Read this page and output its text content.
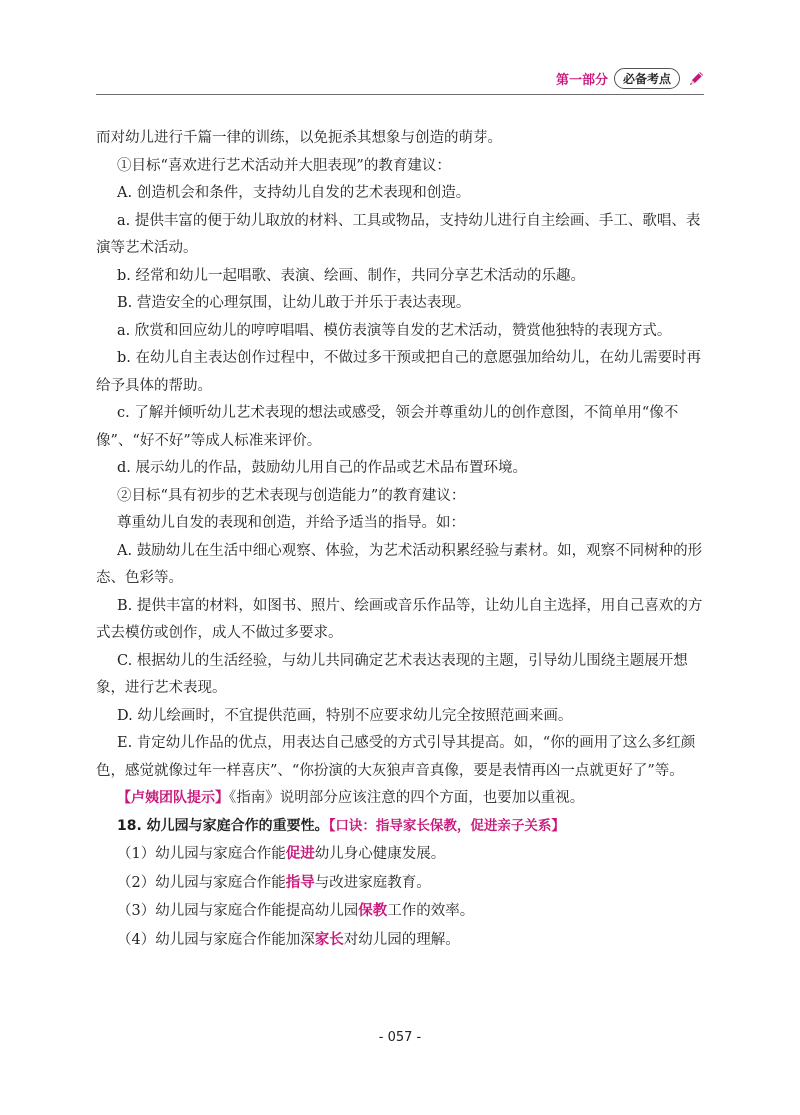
第一部分	必备考点

而对幼儿进行千篇一律的训练，以免扼杀其想象与创造的萌芽。

①目标“喜欢进行艺术活动并大胆表现”的教育建议：

A. 创造机会和条件，支持幼儿自发的艺术表现和创造。

a. 提供丰富的便于幼儿取放的材料、工具或物品，支持幼儿进行自主绘画、手工、歌唱、表演等艺术活动。

b. 经常和幼儿一起唱歌、表演、绘画、制作，共同分享艺术活动的乐趣。

B. 营造安全的心理氛围，让幼儿敢于并乐于表达表现。

a. 欣赏和回应幼儿的哼哼唱唱、模仿表演等自发的艺术活动，赞赏他独特的表现方式。

b. 在幼儿自主表达创作过程中，不做过多干预或把自己的意愿强加给幼儿，在幼儿需要时再给予具体的帮助。

c. 了解并倾听幼儿艺术表现的想法或感受，领会并尊重幼儿的创作意图，不简单用“像不像”、“好不好”等成人标准来评价。

d. 展示幼儿的作品，鼓励幼儿用自己的作品或艺术品布置环境。

②目标“具有初步的艺术表现与创造能力”的教育建议：

尊重幼儿自发的表现和创造，并给予适当的指导。如：

A. 鼓励幼儿在生活中细心观察、体验，为艺术活动积累经验与素材。如，观察不同树种的形态、色彩等。

B. 提供丰富的材料，如图书、照片、绘画或音乐作品等，让幼儿自主选择，用自己喜欢的方式去模仿或创作，成人不做过多要求。

C. 根据幼儿的生活经验，与幼儿共同确定艺术表达表现的主题，引导幼儿围绕主题展开想象，进行艺术表现。

D. 幼儿绘画时，不宜提供范画，特别不应要求幼儿完全按照范画来画。

E. 肯定幼儿作品的优点，用表达自己感受的方式引导其提高。如，“你的画用了这么多红颜色，感觉就像过年一样喜庆”、“你扮演的大灰狼声音真像，要是表情再凶一点就更好了”等。

【卢姨团队提示】《指南》说明部分应该注意的四个方面，也要加以重视。

18. 幼儿园与家庭合作的重要性。【口诀：指导家长保教，促进亲子关系】

（1）幼儿园与家庭合作能促进幼儿身心健康发展。

（2）幼儿园与家庭合作能指导与改进家庭教育。

（3）幼儿园与家庭合作能提高幼儿园保教工作的效率。

（4）幼儿园与家庭合作能加深家长对幼儿园的理解。

- 057 -
